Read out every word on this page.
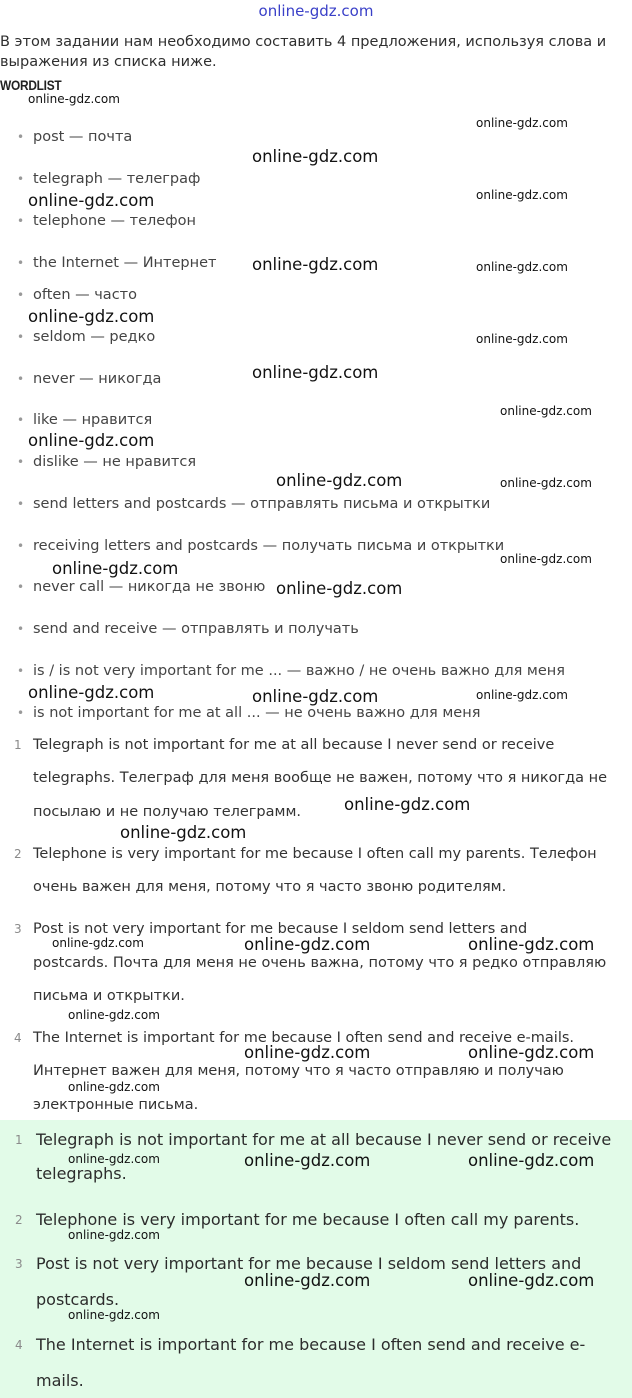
online-gdz.com
В этом задании нам необходимо составить 4 предложения, используя слова и
выражения из списка ниже.
WORDLIST
• post — почта
• telegraph — телеграф
• telephone — телефон
• the Internet — Интернет
• often — часто
• seldom — редко
• never — никогда
• like — нравится
• dislike — не нравится
• send letters and postcards — отправлять письма и открытки
• receiving letters and postcards — получать письма и открытки
• never call — никогда не звоню
• send and receive — отправлять и получать
• is / is not very important for me ... — важно / не очень важно для меня
• is not important for me at all ... — не очень важно для меня
1 Telegraph is not important for me at all because I never send or receive
telegraphs. Телеграф для меня вообще не важен, потому что я никогда не
посылаю и не получаю телеграмм.
2 Telephone is very important for me because I often call my parents. Телефон
очень важен для меня, потому что я часто звоню родителям.
3 Post is not very important for me because I seldom send letters and
postcards. Почта для меня не очень важна, потому что я редко отправляю
письма и открытки.
4 The Internet is important for me because I often send and receive e-mails.
Интернет важен для меня, потому что я часто отправляю и получаю
электронные письма.
1 Telegraph is not important for me at all because I never send or receive
telegraphs.
2 Telephone is very important for me because I often call my parents.
3 Post is not very important for me because I seldom send letters and
postcards.
4 The Internet is important for me because I often send and receive e-
mails.
online-gdz.com
online-gdz.com
online-gdz.com
online-gdz.com
online-gdz.com
online-gdz.com	online-gdz.com
online-gdz.com
online-gdz.com
online-gdz.com
online-gdz.com
online-gdz.com
online-gdz.com	online-gdz.com
online-gdz.com
online-gdz.com
online-gdz.com
online-gdz.com	online-gdz.com	online-gdz.com
online-gdz.com
online-gdz.com
online-gdz.com	online-gdz.com	online-gdz.com
online-gdz.com
online-gdz.com	online-gdz.com
online-gdz.com
online-gdz.com	online-gdz.com	online-gdz.com
online-gdz.com
online-gdz.com	online-gdz.com
online-gdz.com
